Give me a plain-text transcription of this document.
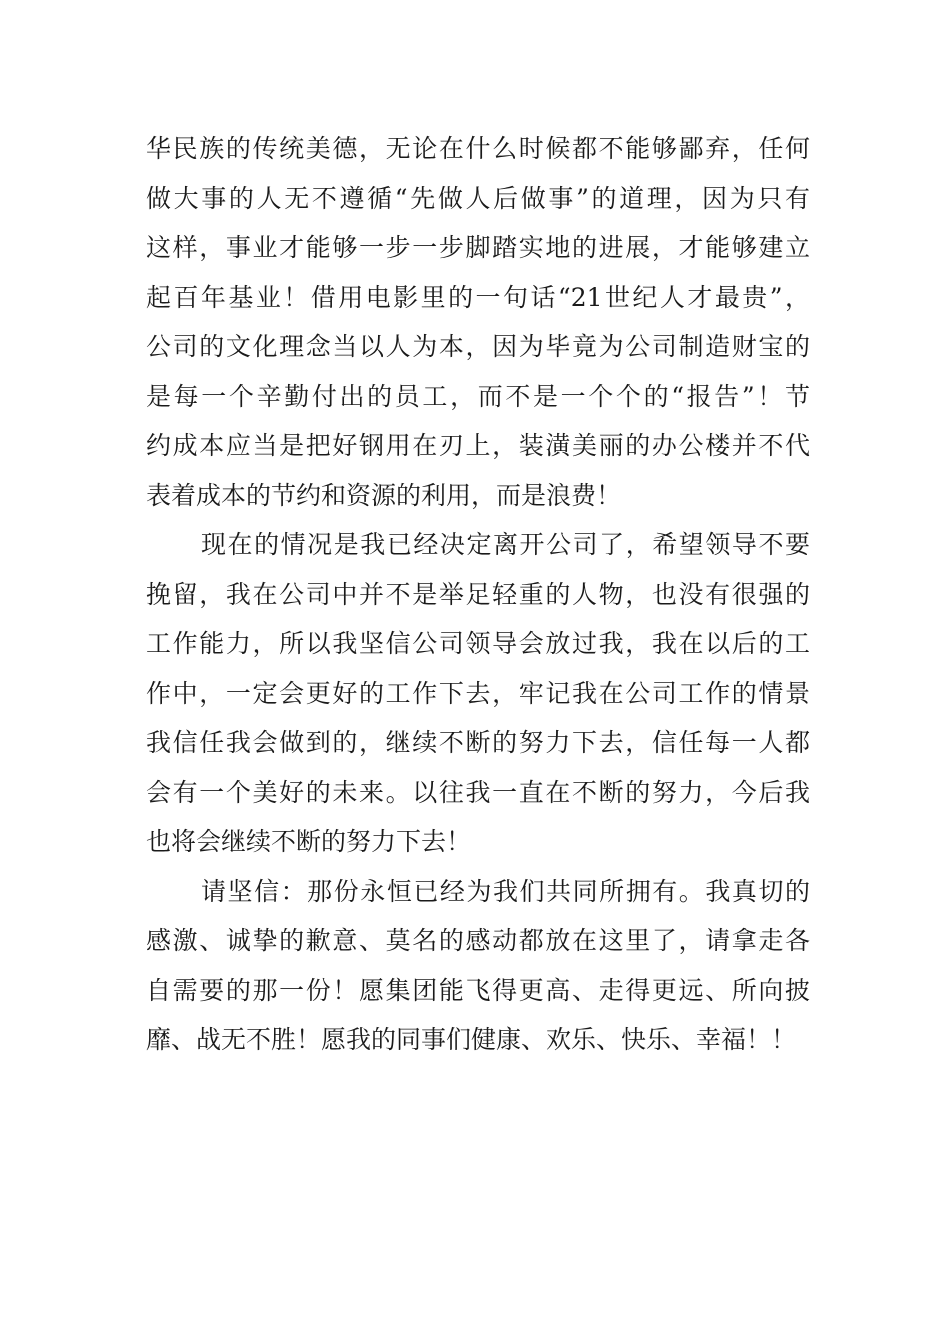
华民族的传统美德，无论在什么时候都不能够鄙弃，任何
做大事的人无不遵循“先做人后做事”的道理，因为只有
这样，事业才能够一步一步脚踏实地的进展，才能够建立
起百年基业！借用电影里的一句话“21世纪人才最贵”，
公司的文化理念当以人为本，因为毕竟为公司制造财宝的
是每一个辛勤付出的员工，而不是一个个的“报告”！节
约成本应当是把好钢用在刃上，装潢美丽的办公楼并不代
表着成本的节约和资源的利用，而是浪费！
现在的情况是我已经决定离开公司了，希望领导不要
挽留，我在公司中并不是举足轻重的人物，也没有很强的
工作能力，所以我坚信公司领导会放过我，我在以后的工
作中，一定会更好的工作下去，牢记我在公司工作的情景
我信任我会做到的，继续不断的努力下去，信任每一人都
会有一个美好的未来。以往我一直在不断的努力，今后我
也将会继续不断的努力下去！
请坚信：那份永恒已经为我们共同所拥有。我真切的
感激、诚挚的歉意、莫名的感动都放在这里了，请拿走各
自需要的那一份！愿集团能飞得更高、走得更远、所向披
靡、战无不胜！愿我的同事们健康、欢乐、快乐、幸福！！
